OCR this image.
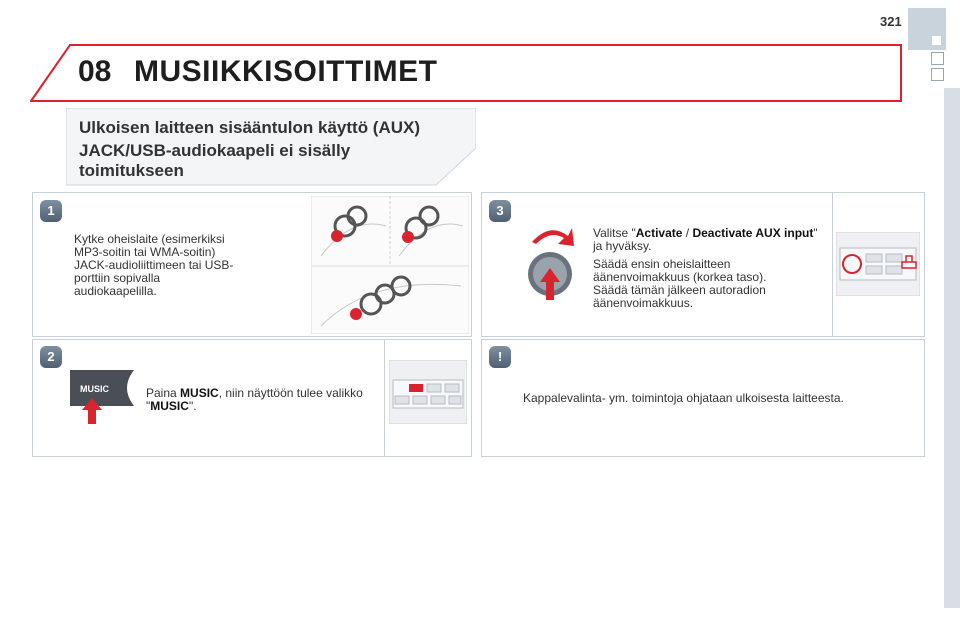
321
08 MUSIIKKISOITTIMET
Ulkoisen laitteen sisääntulon käyttö (AUX)
JACK/USB-audiokaapeli ei sisälly toimitukseen
1
Kytke oheislaite (esimerkiksi MP3-soitin tai WMA-soitin) JACK-audioliittimeen tai USB-porttiin sopivalla audiokaapelilla.
2
MUSIC	Paina MUSIC, niin näyttöön tulee valikko "MUSIC".
3
Valitse "Activate / Deactivate AUX input" ja hyväksy.
Säädä ensin oheislaitteen äänenvoimakkuus (korkea taso).
Säädä tämän jälkeen autoradion äänenvoimakkuus.
!
Kappalevalinta- ym. toimintoja ohjataan ulkoisesta laitteesta.
